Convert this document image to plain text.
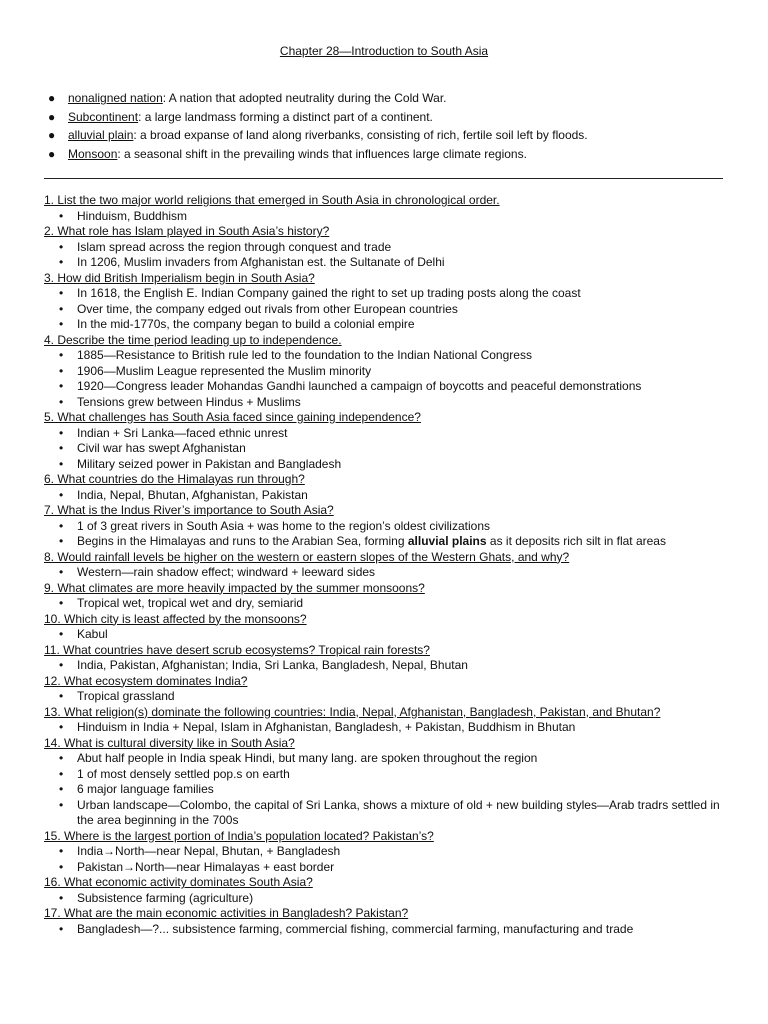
Chapter 28—Introduction to South Asia
● nonaligned nation: A nation that adopted neutrality during the Cold War.
● Subcontinent: a large landmass forming a distinct part of a continent.
● alluvial plain: a broad expanse of land along riverbanks, consisting of rich, fertile soil left by floods.
● Monsoon: a seasonal shift in the prevailing winds that influences large climate regions.
1. List the two major world religions that emerged in South Asia in chronological order.
• Hinduism, Buddhism
2. What role has Islam played in South Asia’s history?
• Islam spread across the region through conquest and trade
• In 1206, Muslim invaders from Afghanistan est. the Sultanate of Delhi
3. How did British Imperialism begin in South Asia?
• In 1618, the English E. Indian Company gained the right to set up trading posts along the coast
• Over time, the company edged out rivals from other European countries
• In the mid-1770s, the company began to build a colonial empire
4. Describe the time period leading up to independence.
• 1885—Resistance to British rule led to the foundation to the Indian National Congress
• 1906—Muslim League represented the Muslim minority
• 1920—Congress leader Mohandas Gandhi launched a campaign of boycotts and peaceful demonstrations
• Tensions grew between Hindus + Muslims
5. What challenges has South Asia faced since gaining independence?
• Indian + Sri Lanka—faced ethnic unrest
• Civil war has swept Afghanistan
• Military seized power in Pakistan and Bangladesh
6. What countries do the Himalayas run through?
• India, Nepal, Bhutan, Afghanistan, Pakistan
7. What is the Indus River’s importance to South Asia?
• 1 of 3 great rivers in South Asia + was home to the region’s oldest civilizations
• Begins in the Himalayas and runs to the Arabian Sea, forming alluvial plains as it deposits rich silt in flat areas
8. Would rainfall levels be higher on the western or eastern slopes of the Western Ghats, and why?
• Western—rain shadow effect; windward + leeward sides
9. What climates are more heavily impacted by the summer monsoons?
• Tropical wet, tropical wet and dry, semiarid
10. Which city is least affected by the monsoons?
• Kabul
11. What countries have desert scrub ecosystems? Tropical rain forests?
• India, Pakistan, Afghanistan; India, Sri Lanka, Bangladesh, Nepal, Bhutan
12. What ecosystem dominates India?
• Tropical grassland
13. What religion(s) dominate the following countries: India, Nepal, Afghanistan, Bangladesh, Pakistan, and Bhutan?
• Hinduism in India + Nepal, Islam in Afghanistan, Bangladesh, + Pakistan, Buddhism in Bhutan
14. What is cultural diversity like in South Asia?
• Abut half people in India speak Hindi, but many lang. are spoken throughout the region
• 1 of most densely settled pop.s on earth
• 6 major language families
• Urban landscape—Colombo, the capital of Sri Lanka, shows a mixture of old + new building styles—Arab tradrs settled in the area beginning in the 700s
15. Where is the largest portion of India’s population located? Pakistan’s?
• India→North—near Nepal, Bhutan, + Bangladesh
• Pakistan→North—near Himalayas + east border
16. What economic activity dominates South Asia?
• Subsistence farming (agriculture)
17. What are the main economic activities in Bangladesh? Pakistan?
• Bangladesh—?... subsistence farming, commercial fishing, commercial farming, manufacturing and trade
